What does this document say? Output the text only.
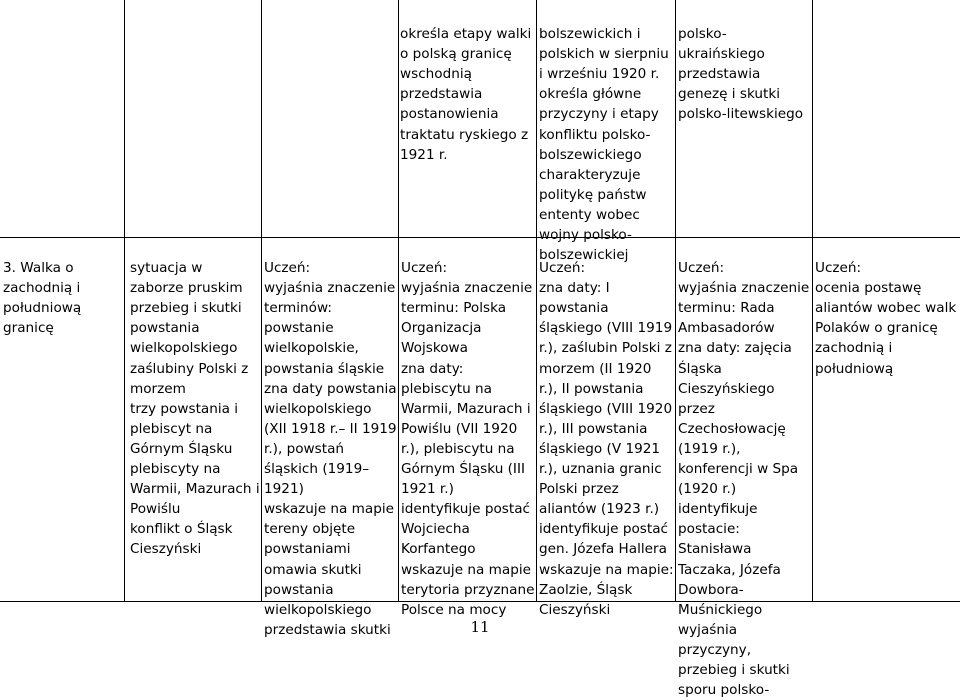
określa etapy walki o polską granicę wschodnią
przedstawia postanowienia traktatu ryskiego z 1921 r.

bolszewickich i polskich w sierpniu i wrześniu 1920 r.
określa główne przyczyny i etapy konfliktu polsko-bolszewickiego
charakteryzuje politykę państw ententy wobec wojny polsko-bolszewickiej

polsko-ukraińskiego
przedstawia genezę i skutki polsko-litewskiego

3. Walka o zachodnią i południową granicę

sytuacja w zaborze pruskim
przebieg i skutki powstania wielkopolskiego
zaślubiny Polski z morzem
trzy powstania i plebiscyt na Górnym Śląsku
plebiscyty na Warmii, Mazurach i Powiślu
konflikt o Śląsk Cieszyński

Uczeń:
wyjaśnia znaczenie terminów: powstanie wielkopolskie, powstania śląskie
zna daty powstania wielkopolskiego (XII 1918 r.– II 1919 r.), powstań śląskich (1919–1921)
wskazuje na mapie tereny objęte powstaniami
omawia skutki powstania wielkopolskiego
przedstawia skutki

Uczeń:
wyjaśnia znaczenie terminu: Polska Organizacja Wojskowa
zna daty: plebiscytu na Warmii, Mazurach i Powiślu (VII 1920 r.), plebiscytu na Górnym Śląsku (III 1921 r.)
identyfikuje postać Wojciecha Korfantego
wskazuje na mapie terytoria przyznane Polsce na mocy

Uczeń:
zna daty: I powstania śląskiego (VIII 1919 r.), zaślubin Polski z morzem (II 1920 r.), II powstania śląskiego (VIII 1920 r.), III powstania śląskiego (V 1921 r.), uznania granic Polski przez aliantów (1923 r.)
identyfikuje postać gen. Józefa Hallera
wskazuje na mapie: Zaolzie, Śląsk Cieszyński

Uczeń:
wyjaśnia znaczenie terminu: Rada Ambasadorów
zna daty: zajęcia Śląska Cieszyńskiego przez Czechosłowację (1919 r.), konferencji w Spa (1920 r.)
identyfikuje postacie: Stanisława Taczaka, Józefa Dowbora-Muśnickiego
wyjaśnia przyczyny, przebieg i skutki sporu polsko-

Uczeń:
ocenia postawę aliantów wobec walk Polaków o granicę zachodnią i południową

11
